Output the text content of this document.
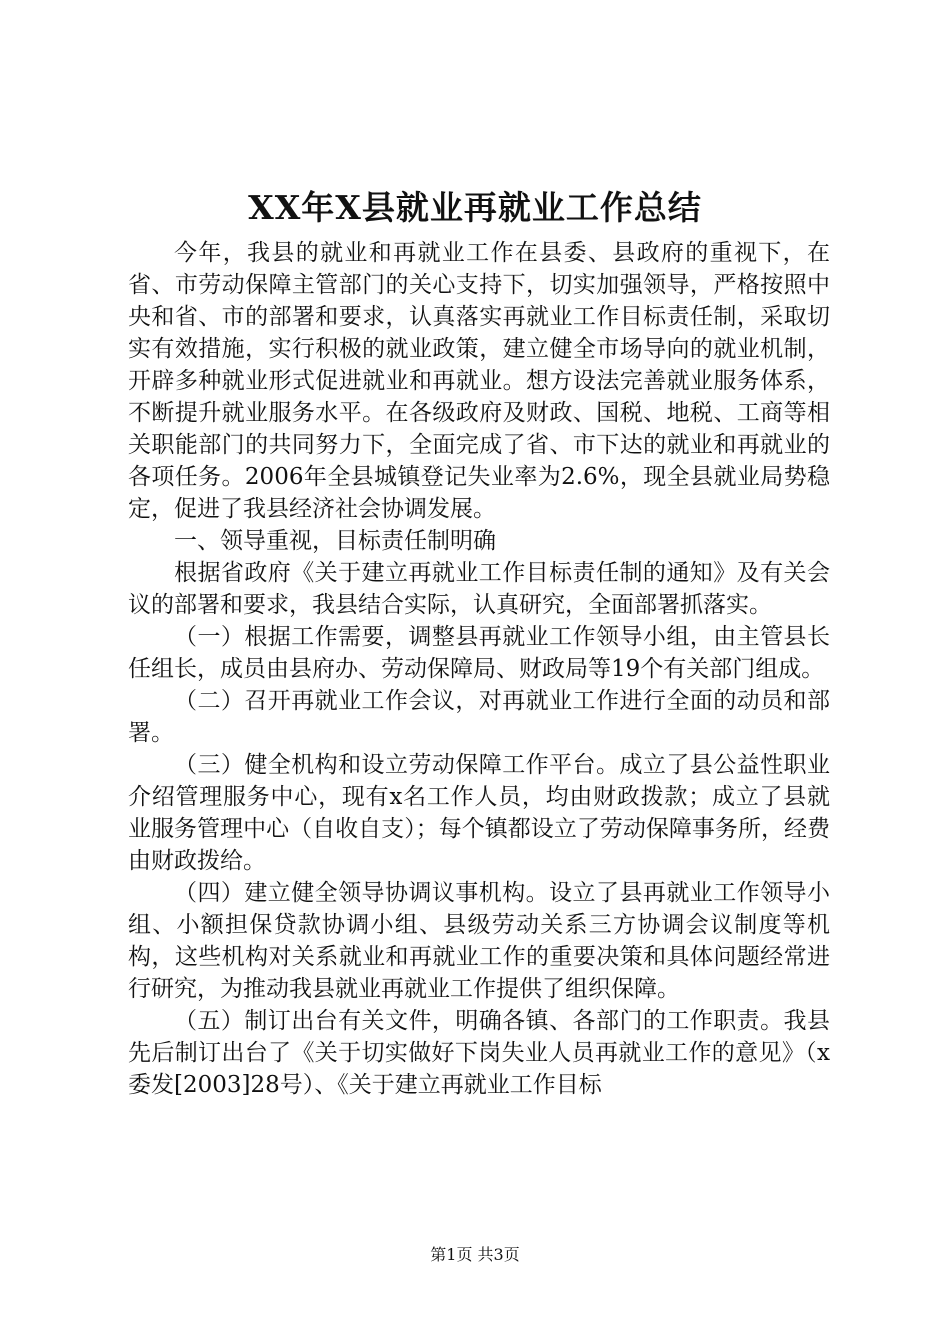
XX年X县就业再就业工作总结

今年，我县的就业和再就业工作在县委、县政府的重视下，在省、市劳动保障主管部门的关心支持下，切实加强领导，严格按照中央和省、市的部署和要求，认真落实再就业工作目标责任制，采取切实有效措施，实行积极的就业政策，建立健全市场导向的就业机制，开辟多种就业形式促进就业和再就业。想方设法完善就业服务体系，不断提升就业服务水平。在各级政府及财政、国税、地税、工商等相关职能部门的共同努力下，全面完成了省、市下达的就业和再就业的各项任务。2006年全县城镇登记失业率为2.6%，现全县就业局势稳定，促进了我县经济社会协调发展。

一、领导重视，目标责任制明确

根据省政府《关于建立再就业工作目标责任制的通知》及有关会议的部署和要求，我县结合实际，认真研究，全面部署抓落实。

（一）根据工作需要，调整县再就业工作领导小组，由主管县长任组长，成员由县府办、劳动保障局、财政局等19个有关部门组成。

（二）召开再就业工作会议，对再就业工作进行全面的动员和部署。

（三）健全机构和设立劳动保障工作平台。成立了县公益性职业介绍管理服务中心，现有x名工作人员，均由财政拨款；成立了县就业服务管理中心（自收自支）；每个镇都设立了劳动保障事务所，经费由财政拨给。

（四）建立健全领导协调议事机构。设立了县再就业工作领导小组、小额担保贷款协调小组、县级劳动关系三方协调会议制度等机构，这些机构对关系就业和再就业工作的重要决策和具体问题经常进行研究，为推动我县就业再就业工作提供了组织保障。

（五）制订出台有关文件，明确各镇、各部门的工作职责。我县先后制订出台了《关于切实做好下岗失业人员再就业工作的意见》（x委发[2003]28号）、《关于建立再就业工作目标

第1页 共3页
